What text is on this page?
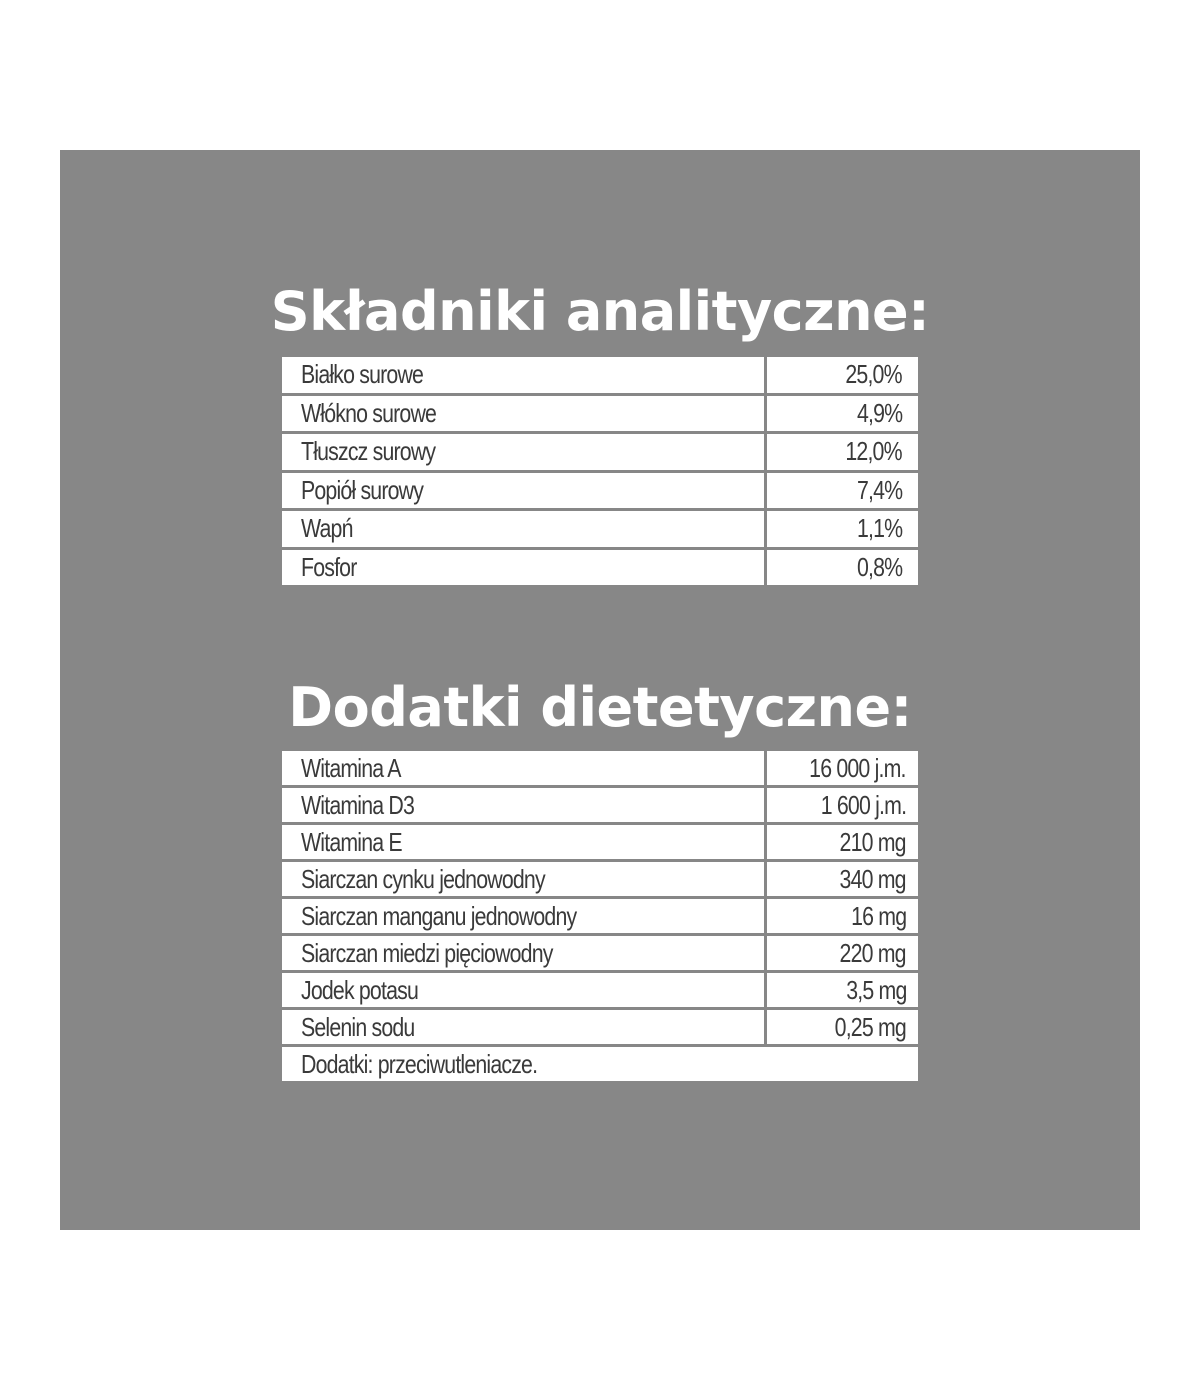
Składniki analityczne:
Białko surowe	25,0%
Włókno surowe	4,9%
Tłuszcz surowy	12,0%
Popiół surowy	7,4%
Wapń	1,1%
Fosfor	0,8%
Dodatki dietetyczne:
Witamina A	16 000 j.m.
Witamina D3	1 600 j.m.
Witamina E	210 mg
Siarczan cynku jednowodny	340 mg
Siarczan manganu jednowodny	16 mg
Siarczan miedzi pięciowodny	220 mg
Jodek potasu	3,5 mg
Selenin sodu	0,25 mg
Dodatki: przeciwutleniacze.
